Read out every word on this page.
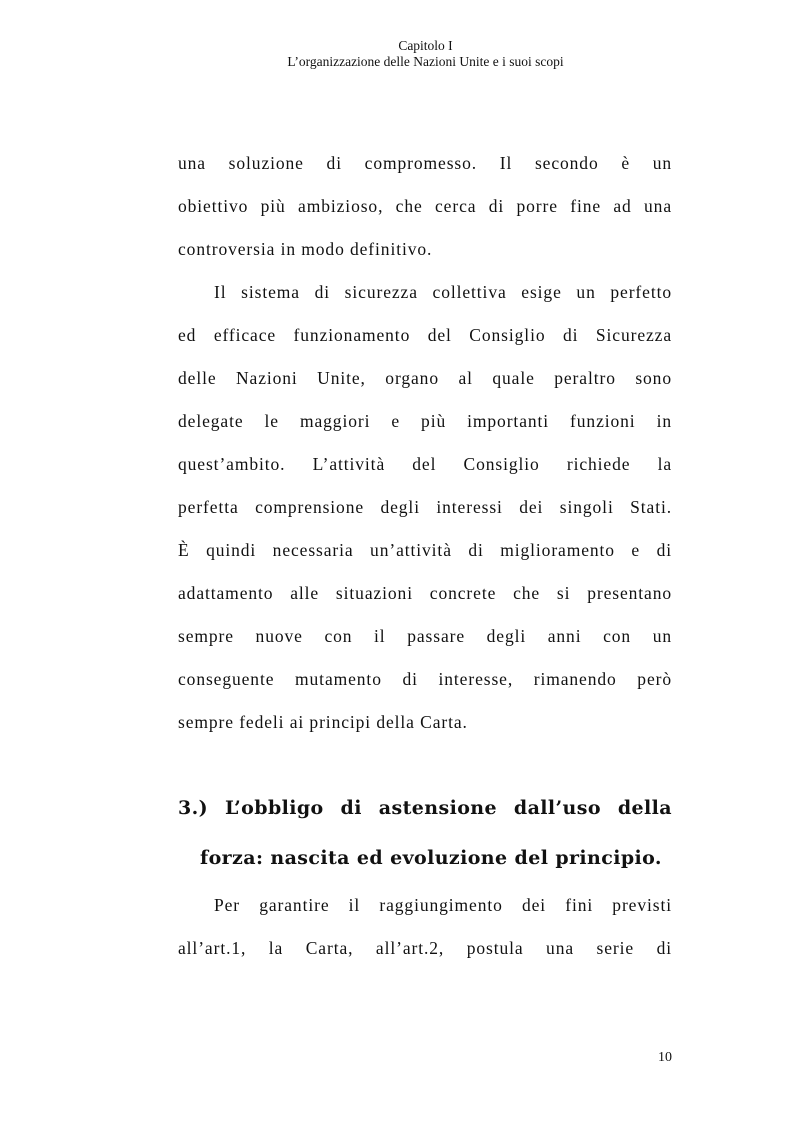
Capitolo I
L’organizzazione delle Nazioni Unite e i suoi scopi
una soluzione di compromesso. Il secondo è un
obiettivo più ambizioso, che cerca di porre fine ad una
controversia in modo definitivo.
Il sistema di sicurezza collettiva esige un perfetto
ed efficace funzionamento del Consiglio di Sicurezza
delle Nazioni Unite, organo al quale peraltro sono
delegate le maggiori e più importanti funzioni in
quest’ambito. L’attività del Consiglio richiede la
perfetta comprensione degli interessi dei singoli Stati.
È quindi necessaria un’attività di miglioramento e di
adattamento alle situazioni concrete che si presentano
sempre nuove con il passare degli anni con un
conseguente mutamento di interesse, rimanendo però
sempre fedeli ai principi della Carta.
3.) L’obbligo di astensione dall’uso della
forza: nascita ed evoluzione del principio.
Per garantire il raggiungimento dei fini previsti
all’art.1, la Carta, all’art.2, postula una serie di
10
